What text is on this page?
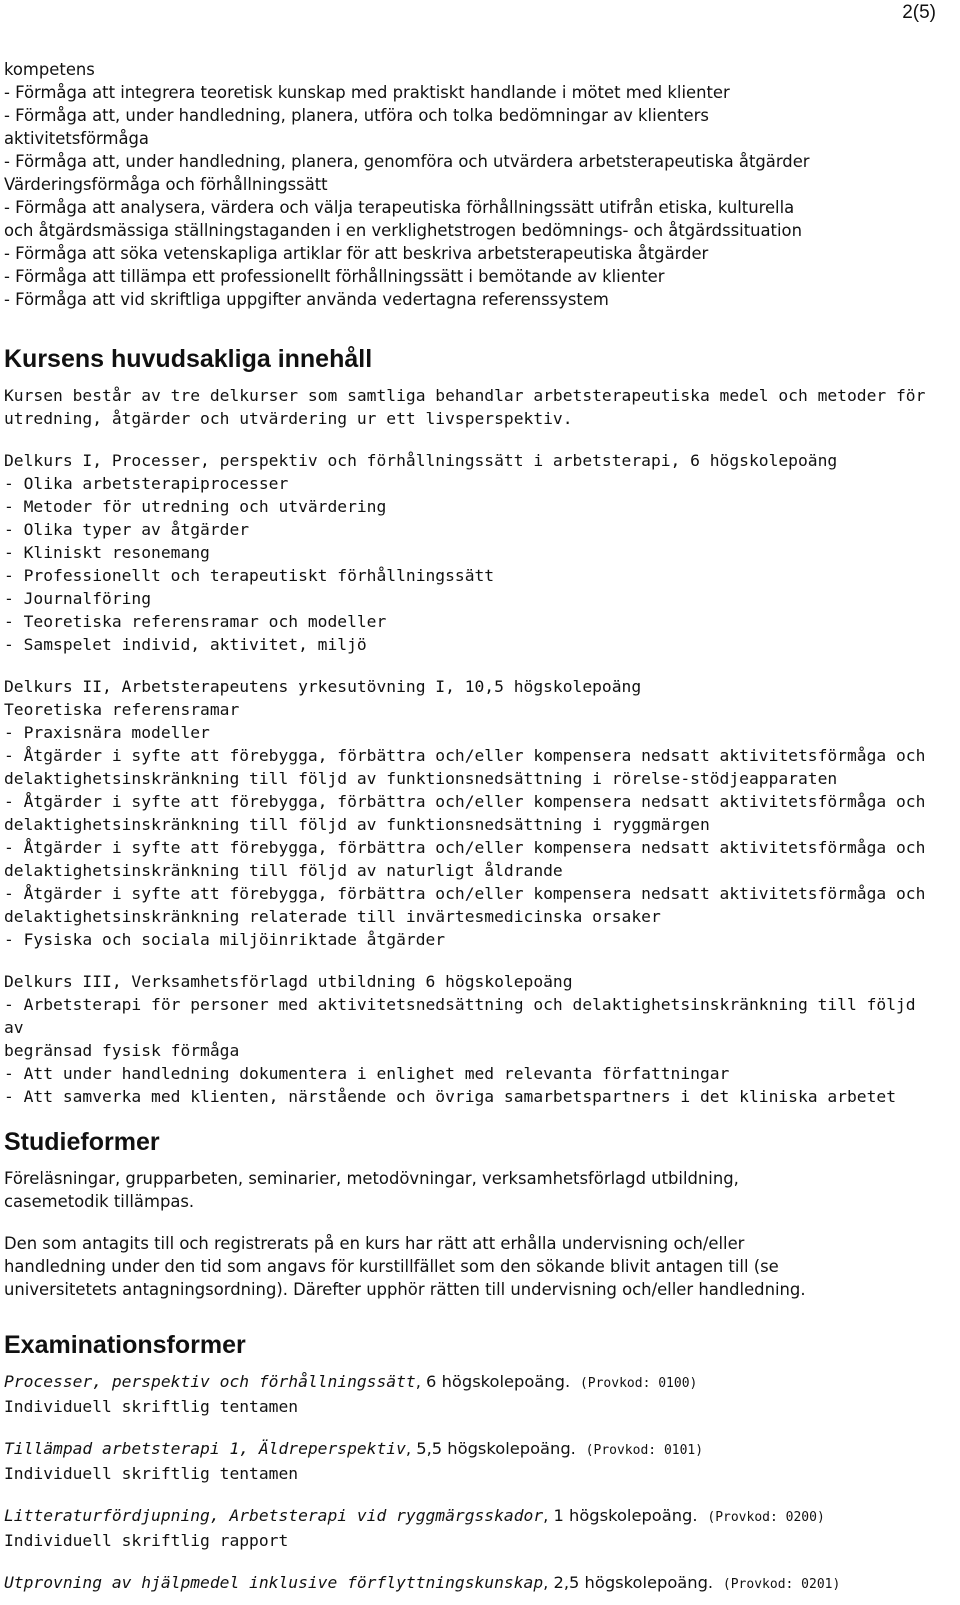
2(5)
kompetens
- Förmåga att integrera teoretisk kunskap med praktiskt handlande i mötet med klienter
- Förmåga att, under handledning, planera, utföra och tolka bedömningar av klienters
aktivitetsförmåga
- Förmåga att, under handledning, planera, genomföra och utvärdera arbetsterapeutiska åtgärder
Värderingsförmåga och förhållningssätt
- Förmåga att analysera, värdera och välja terapeutiska förhållningssätt utifrån etiska, kulturella
och åtgärdsmässiga ställningstaganden i en verklighetstrogen bedömnings- och åtgärdssituation
- Förmåga att söka vetenskapliga artiklar för att beskriva arbetsterapeutiska åtgärder
- Förmåga att tillämpa ett professionellt förhållningssätt i bemötande av klienter
- Förmåga att vid skriftliga uppgifter använda vedertagna referenssystem
Kursens huvudsakliga innehåll

Kursen består av tre delkurser som samtliga behandlar arbetsterapeutiska medel och metoder för

utredning, åtgärder och utvärdering ur ett livsperspektiv.

Delkurs I, Processer, perspektiv och förhållningssätt i arbetsterapi, 6 högskolepoäng
- Olika arbetsterapiprocesser
- Metoder för utredning och utvärdering
- Olika typer av åtgärder
- Kliniskt resonemang
- Professionellt och terapeutiskt förhållningssätt
- Journalföring
- Teoretiska referensramar och modeller
- Samspelet individ, aktivitet, miljö
Delkurs II, Arbetsterapeutens yrkesutövning I, 10,5 högskolepoäng
Teoretiska referensramar
- Praxisnära modeller
- Åtgärder i syfte att förebygga, förbättra och/eller kompensera nedsatt aktivitetsförmåga och
delaktighetsinskränkning till följd av funktionsnedsättning i rörelse-stödjeapparaten
- Åtgärder i syfte att förebygga, förbättra och/eller kompensera nedsatt aktivitetsförmåga och
delaktighetsinskränkning till följd av funktionsnedsättning i ryggmärgen
- Åtgärder i syfte att förebygga, förbättra och/eller kompensera nedsatt aktivitetsförmåga och
delaktighetsinskränkning till följd av naturligt åldrande
- Åtgärder i syfte att förebygga, förbättra och/eller kompensera nedsatt aktivitetsförmåga och
delaktighetsinskränkning relaterade till invärtesmedicinska orsaker
- Fysiska och sociala miljöinriktade åtgärder
Delkurs III, Verksamhetsförlagd utbildning 6 högskolepoäng
- Arbetsterapi för personer med aktivitetsnedsättning och delaktighetsinskränkning till följd av
begränsad fysisk förmåga
- Att under handledning dokumentera i enlighet med relevanta författningar
- Att samverka med klienten, närstående och övriga samarbetspartners i det kliniska arbetet
Studieformer
Föreläsningar, grupparbeten, seminarier, metodövningar, verksamhetsförlagd utbildning,
casemetodik tillämpas.
Den som antagits till och registrerats på en kurs har rätt att erhålla undervisning och/eller
handledning under den tid som angavs för kurstillfället som den sökande blivit antagen till (se
universitetets antagningsordning). Därefter upphör rätten till undervisning och/eller handledning.
Examinationsformer
Processer, perspektiv och förhållningssätt, 6 högskolepoäng. (Provkod: 0100)
Individuell skriftlig tentamen
Tillämpad arbetsterapi 1, Äldreperspektiv, 5,5 högskolepoäng. (Provkod: 0101)
Individuell skriftlig tentamen
Litteraturfördjupning, Arbetsterapi vid ryggmärgsskador, 1 högskolepoäng. (Provkod: 0200)
Individuell skriftlig rapport
Utprovning av hjälpmedel inklusive förflyttningskunskap, 2,5 högskolepoäng. (Provkod: 0201)
